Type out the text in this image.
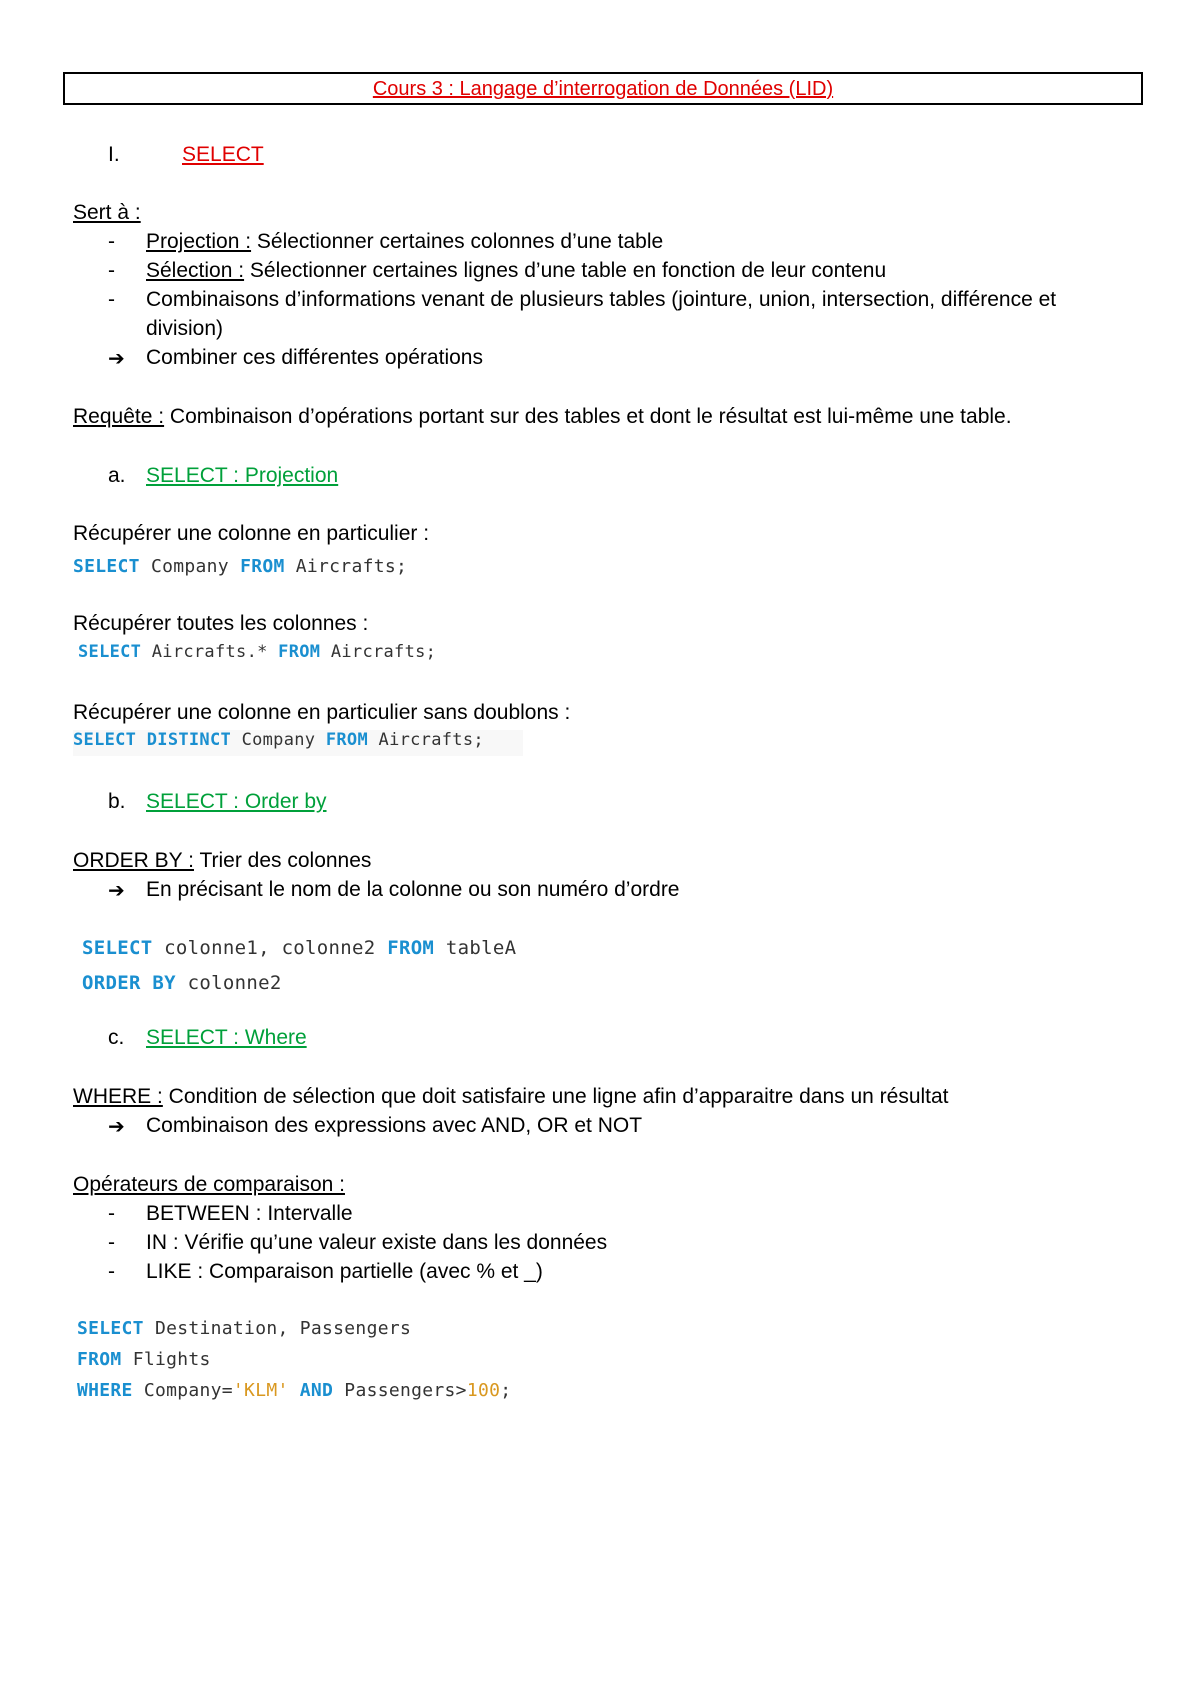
Cours 3 : Langage d’interrogation de Données (LID)
I.	SELECT
Sert à :
- Projection : Sélectionner certaines colonnes d’une table
- Sélection : Sélectionner certaines lignes d’une table en fonction de leur contenu
- Combinaisons d’informations venant de plusieurs tables (jointure, union, intersection, différence et
division)
➔ Combiner ces différentes opérations
Requête : Combinaison d’opérations portant sur des tables et dont le résultat est lui-même une table.
a. SELECT : Projection
Récupérer une colonne en particulier :
SELECT Company FROM Aircrafts;
Récupérer toutes les colonnes :
SELECT Aircrafts.* FROM Aircrafts;
Récupérer une colonne en particulier sans doublons :
SELECT DISTINCT Company FROM Aircrafts;
b. SELECT : Order by
ORDER BY : Trier des colonnes
➔ En précisant le nom de la colonne ou son numéro d’ordre
SELECT colonne1, colonne2 FROM tableA
ORDER BY colonne2
c. SELECT : Where
WHERE : Condition de sélection que doit satisfaire une ligne afin d’apparaitre dans un résultat
➔ Combinaison des expressions avec AND, OR et NOT
Opérateurs de comparaison :
- BETWEEN : Intervalle
- IN : Vérifie qu’une valeur existe dans les données
- LIKE : Comparaison partielle (avec % et _)
SELECT Destination, Passengers
FROM Flights
WHERE Company='KLM' AND Passengers>100;
